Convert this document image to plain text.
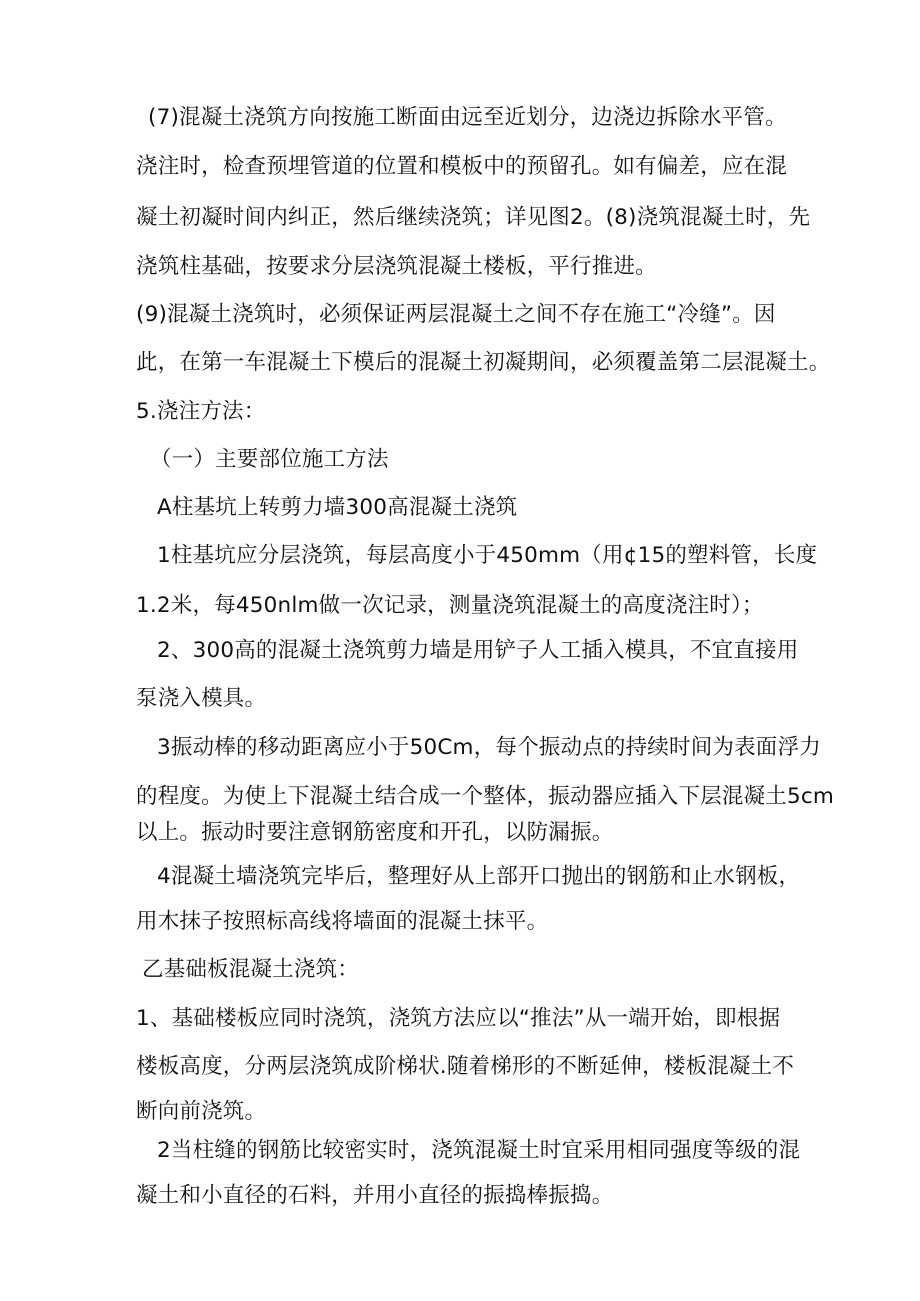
(7)混凝土浇筑方向按施工断面由远至近划分，边浇边拆除水平管。
浇注时，检查预埋管道的位置和模板中的预留孔。如有偏差，应在混
凝土初凝时间内纠正，然后继续浇筑；详见图2。(8)浇筑混凝土时，先
浇筑柱基础，按要求分层浇筑混凝土楼板，平行推进。
(9)混凝土浇筑时，必须保证两层混凝土之间不存在施工“冷缝”。因
此，在第一车混凝土下模后的混凝土初凝期间，必须覆盖第二层混凝土。
5.浇注方法：
（一）主要部位施工方法
A柱基坑上转剪力墙300高混凝土浇筑
1柱基坑应分层浇筑，每层高度小于450mm（用¢15的塑料管，长度
1.2米，每450nlm做一次记录，测量浇筑混凝土的高度浇注时）；
2、300高的混凝土浇筑剪力墙是用铲子人工插入模具，不宜直接用
泵浇入模具。
3振动棒的移动距离应小于50Cm，每个振动点的持续时间为表面浮力
的程度。为使上下混凝土结合成一个整体，振动器应插入下层混凝土5cm
以上。振动时要注意钢筋密度和开孔，以防漏振。
4混凝土墙浇筑完毕后，整理好从上部开口抛出的钢筋和止水钢板，
用木抹子按照标高线将墙面的混凝土抹平。
乙基础板混凝土浇筑：
1、基础楼板应同时浇筑，浇筑方法应以“推法”从一端开始，即根据
楼板高度，分两层浇筑成阶梯状.随着梯形的不断延伸，楼板混凝土不
断向前浇筑。
2当柱缝的钢筋比较密实时，浇筑混凝土时宜采用相同强度等级的混
凝土和小直径的石料，并用小直径的振捣棒振捣。
